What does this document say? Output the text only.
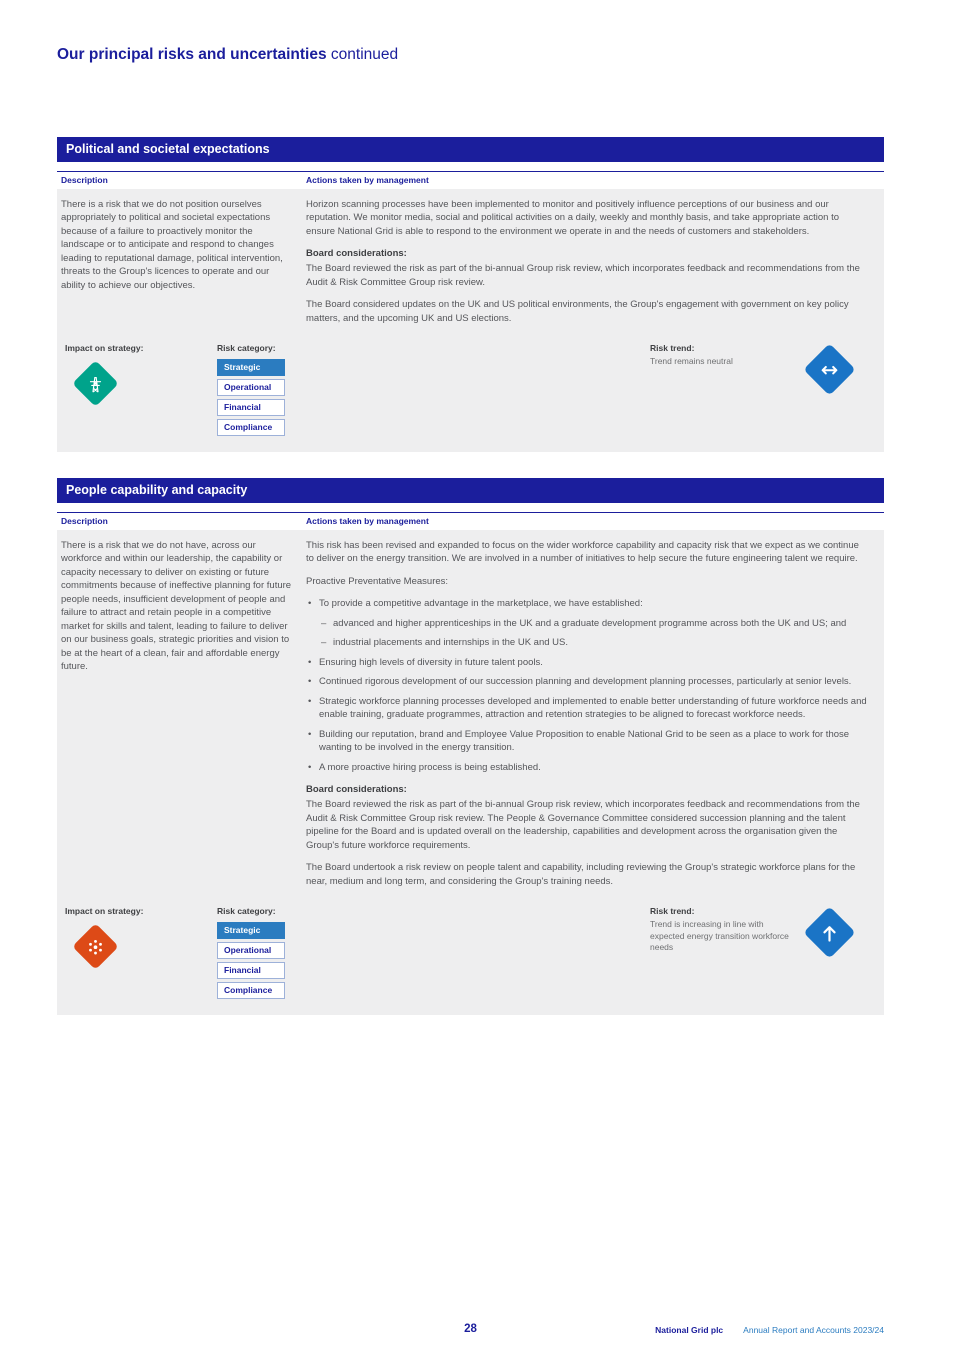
Our principal risks and uncertainties continued
Political and societal expectations
Description	Actions taken by management

There is a risk that we do not position ourselves appropriately to political and societal expectations because of a failure to proactively monitor the landscape or to anticipate and respond to changes leading to reputational damage, political intervention, threats to the Group's licences to operate and our ability to achieve our objectives.

Horizon scanning processes have been implemented to monitor and positively influence perceptions of our business and our reputation. We monitor media, social and political activities on a daily, weekly and monthly basis, and take appropriate action to ensure National Grid is able to respond to the environment we operate in and the needs of customers and stakeholders.

Board considerations:

The Board reviewed the risk as part of the bi-annual Group risk review, which incorporates feedback and recommendations from the Audit & Risk Committee Group risk review.

The Board considered updates on the UK and US political environments, the Group's engagement with government on key policy matters, and the upcoming UK and US elections.

Impact on strategy:	Risk category:
Strategic
Operational
Financial
Compliance
Risk trend:
Trend remains neutral
People capability and capacity
Description	Actions taken by management

There is a risk that we do not have, across our workforce and within our leadership, the capability or capacity necessary to deliver on existing or future commitments because of ineffective planning for future people needs, insufficient development of people and failure to attract and retain people in a competitive market for skills and talent, leading to failure to deliver on our business goals, strategic priorities and vision to be at the heart of a clean, fair and affordable energy future.

This risk has been revised and expanded to focus on the wider workforce capability and capacity risk that we expect as we continue to deliver on the energy transition. We are involved in a number of initiatives to help secure the future engineering talent we require.

Proactive Preventative Measures:

• To provide a competitive advantage in the marketplace, we have established:
– advanced and higher apprenticeships in the UK and a graduate development programme across both the UK and US; and
– industrial placements and internships in the UK and US.
• Ensuring high levels of diversity in future talent pools.
• Continued rigorous development of our succession planning and development planning processes, particularly at senior levels.
• Strategic workforce planning processes developed and implemented to enable better understanding of future workforce needs and enable training, graduate programmes, attraction and retention strategies to be aligned to forecast workforce needs.
• Building our reputation, brand and Employee Value Proposition to enable National Grid to be seen as a place to work for those wanting to be involved in the energy transition.
• A more proactive hiring process is being established.
Board considerations:

The Board reviewed the risk as part of the bi-annual Group risk review, which incorporates feedback and recommendations from the Audit & Risk Committee Group risk review. The People & Governance Committee considered succession planning and the talent pipeline for the Board and is updated overall on the leadership, capabilities and development across the organisation given the Group's future workforce requirements.

The Board undertook a risk review on people talent and capability, including reviewing the Group's strategic workforce plans for the near, medium and long term, and considering the Group's training needs.

Impact on strategy:	Risk category:
Strategic
Operational
Financial
Compliance
Risk trend:
Trend is increasing in line with expected energy transition workforce needs
28	National Grid plc Annual Report and Accounts 2023/24
